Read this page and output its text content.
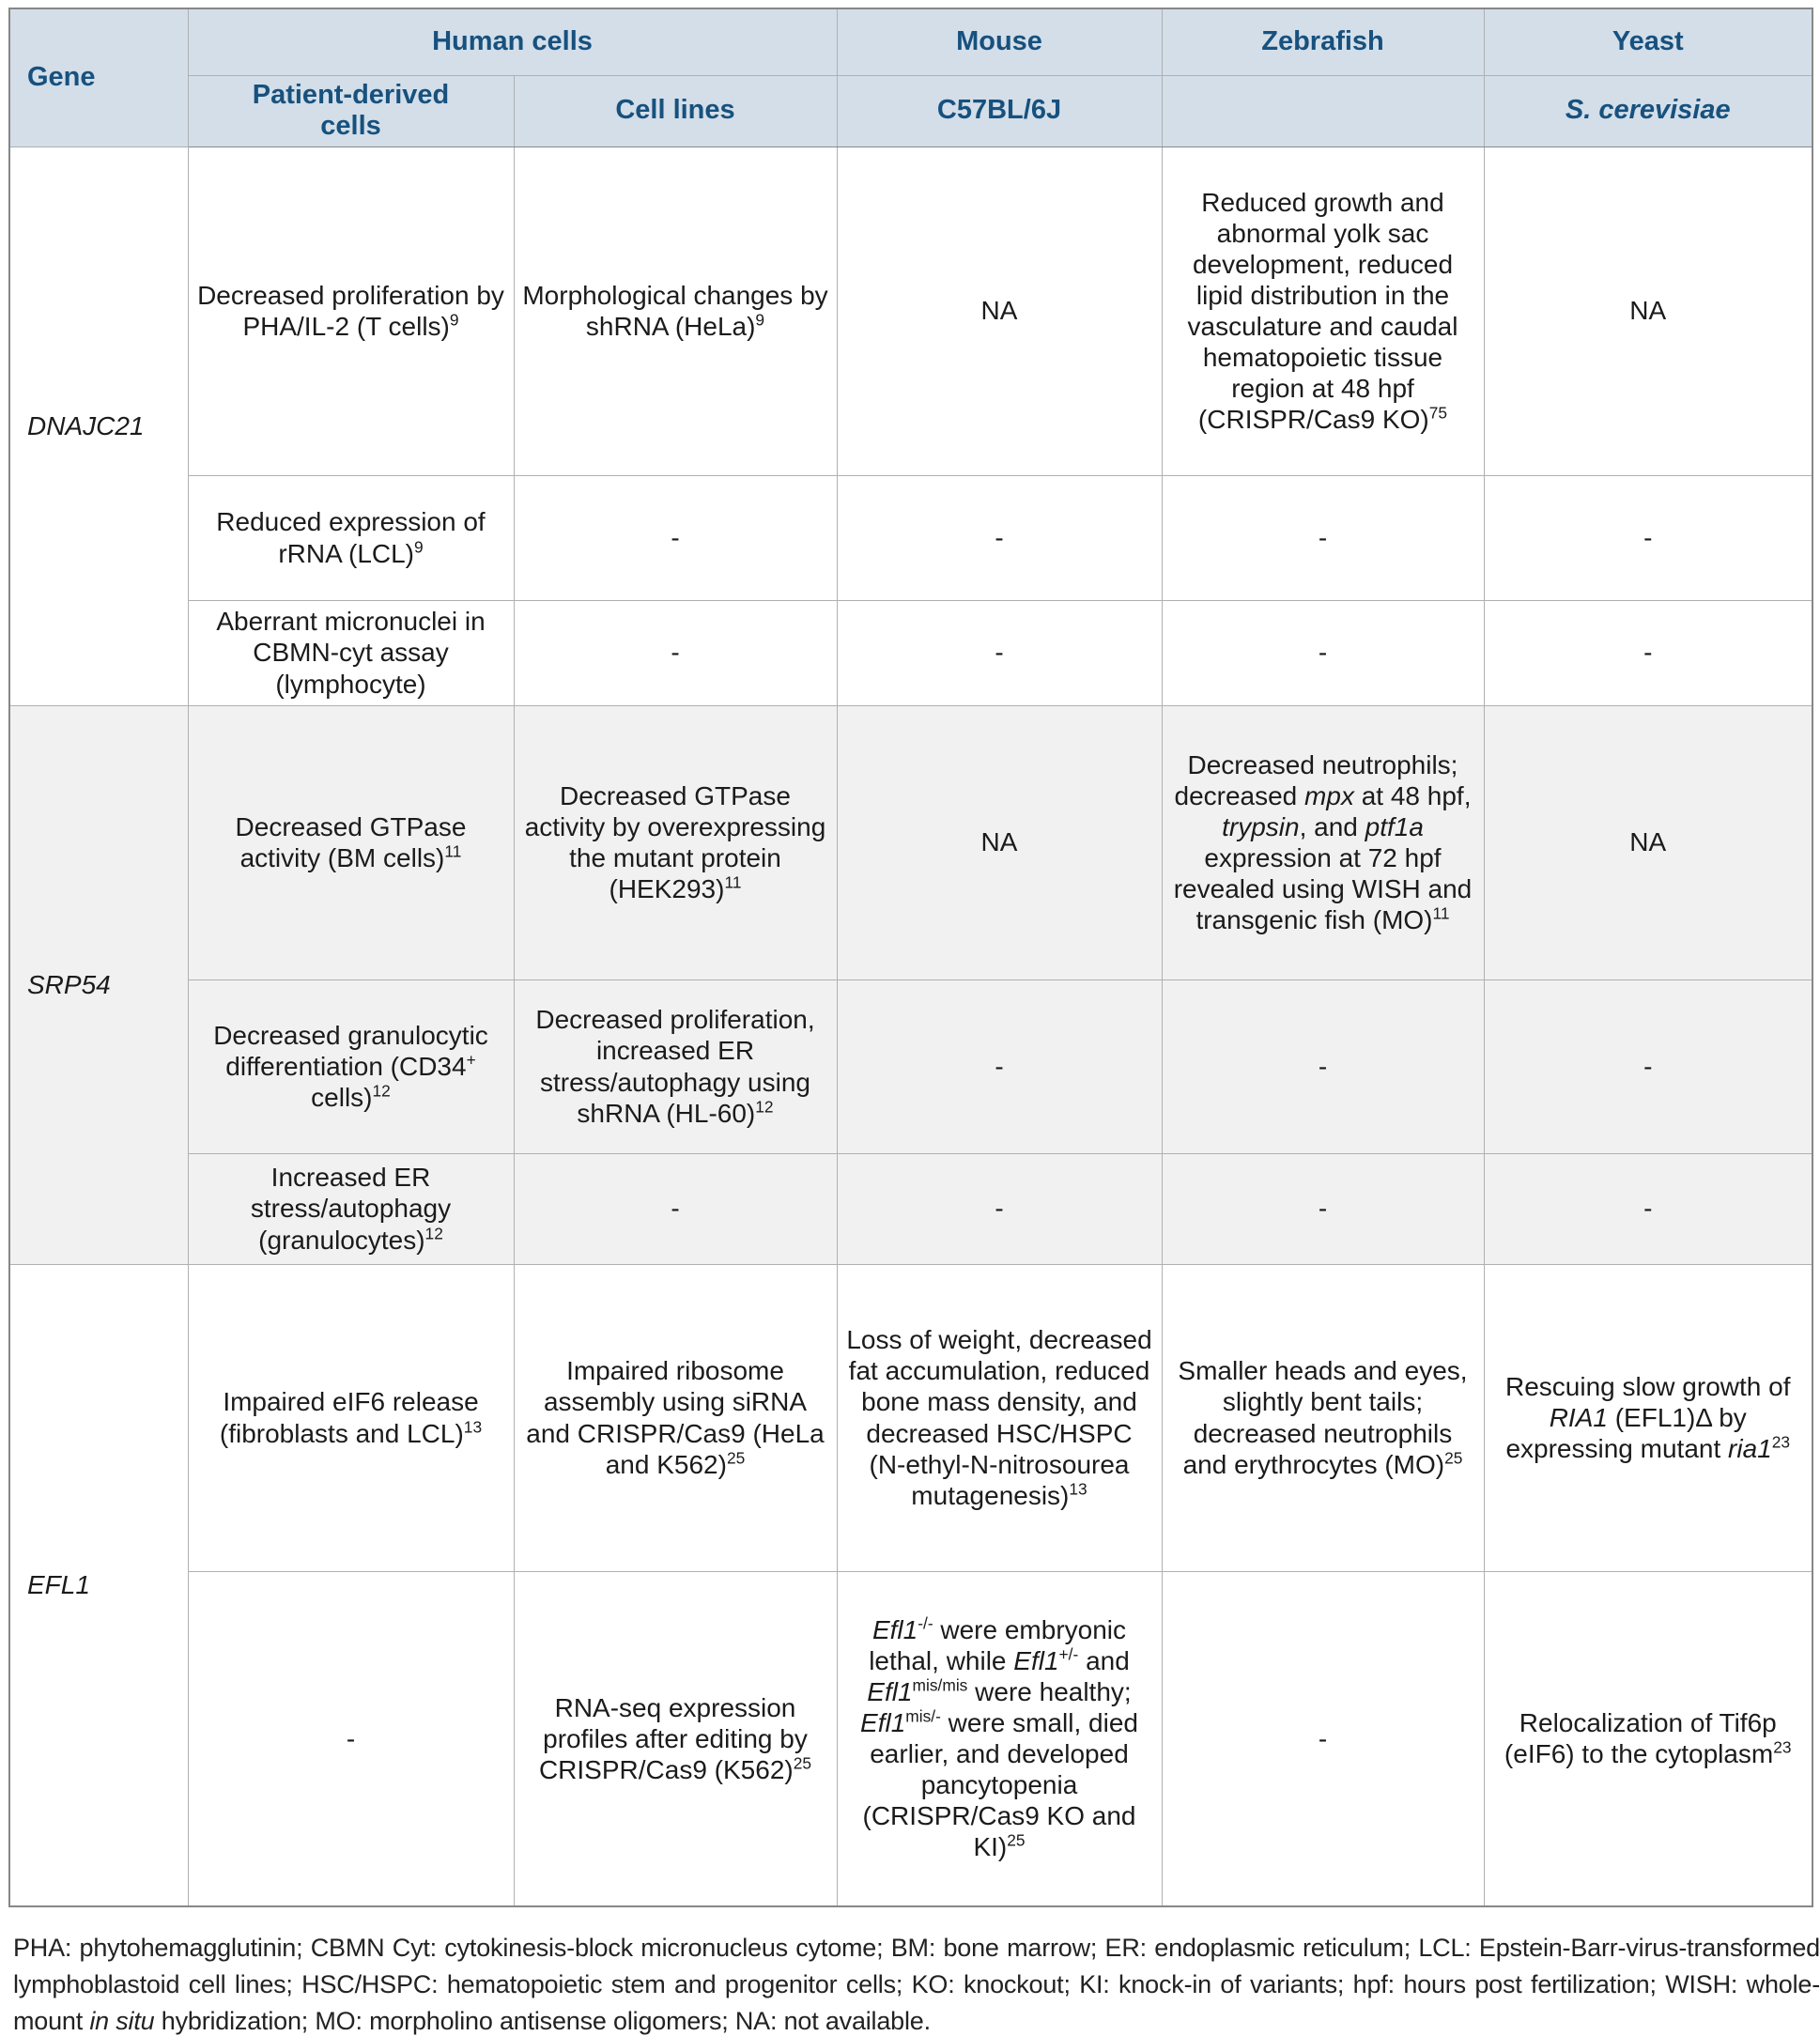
Gene	Human cells		Mouse	Zebrafish	Yeast
	Patient-derived cells	Cell lines	C57BL/6J		S. cerevisiae
DNAJC21	Decreased proliferation by PHA/IL-2 (T cells)$^9$	Morphological changes by shRNA (HeLa)$^9$	NA	Reduced growth and abnormal yolk sac development, reduced lipid distribution in the vasculature and caudal hematopoietic tissue region at 48 hpf (CRISPR/Cas9 KO)$^{75}$	NA
	Reduced expression of rRNA (LCL)$^9$	-	-	-	-
	Aberrant micronuclei in CBMN-cyt assay (lymphocyte)	-	-	-	-
SRP54	Decreased GTPase activity (BM cells)$^{11}$	Decreased GTPase activity by overexpressing the mutant protein $(HEK293)^{11}$	NA	Decreased neutrophils; decreased mpx at 48 hpf, trypsin, and ptf1a expression at 72 hpf revealed using WISH and transgenic fish (MO)$^{11}$	NA
	Decreased granulocytic differentiation (CD34+ cells)$^{12}$	Decreased proliferation, increased ER stress/autophagy using shRNA $(HL-60)^{12}$	-	-	-
	Increased ER stress/autophagy (granulocytes)$^{12}$	-	-	-	-
EFL1	Impaired eIF6 release (fibroblasts and LCL)$^{13}$	Impaired ribosome assembly using siRNA and CRISPR/Cas9 (HeLa and K562)$^{25}$	Loss of weight, decreased fat accumulation, reduced bone mass density, and decreased HSC/HSPC (N-ethyl-N-nitrosourea mutagenesis)$^{13}$	Smaller heads and eyes, slightly bent tails; decreased neutrophils and erythrocytes (MO)$^{25}$	Rescuing slow growth of RIA1 (EFL1)Δ by expressing mutant $ria1^{23}$
	-	RNA-seq expression profiles after editing by CRISPR/Cas9 $(K562)^{25}$	Efl1-/- were embryonic lethal, while Efl1+/- and $Efl1^{mis/mis}$ were healthy; $Efl1^{mis/-}$ were small, died earlier, and developed pancytopenia (CRISPR/Cas9 KO and KI)$^{25}$	-	Relocalization of Tif6p (eIF6) to the cytoplasm$^{23}$
PHA: phytohemagglutinin; CBMN Cyt: cytokinesis-block micronucleus cytome; BM: bone marrow; ER: endoplasmic reticulum; LCL: Epstein-Barr-virus-transformed lymphoblastoid cell lines; HSC/HSPC: hematopoietic stem and progenitor cells; KO: knockout; KI: knock-in of variants; hpf: hours post fertilization; WISH: whole-mount in situ hybridization; MO: morpholino antisense oligomers; NA: not available.
